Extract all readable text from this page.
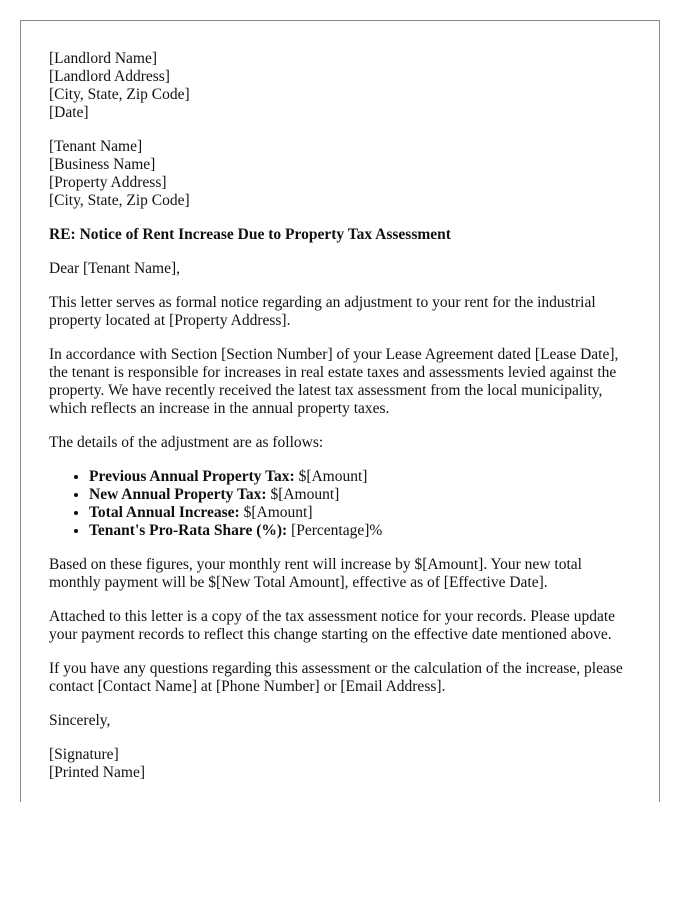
[Landlord Name]
[Landlord Address]
[City, State, Zip Code]
[Date]
[Tenant Name]
[Business Name]
[Property Address]
[City, State, Zip Code]

RE: Notice of Rent Increase Due to Property Tax Assessment

Dear [Tenant Name],

This letter serves as formal notice regarding an adjustment to your rent for the industrial property located at [Property Address].

In accordance with Section [Section Number] of your Lease Agreement dated [Lease Date], the tenant is responsible for increases in real estate taxes and assessments levied against the property. We have recently received the latest tax assessment from the local municipality, which reflects an increase in the annual property taxes.

The details of the adjustment are as follows:

• Previous Annual Property Tax: $[Amount]
• New Annual Property Tax: $[Amount]
• Total Annual Increase: $[Amount]
• Tenant's Pro-Rata Share (%): [Percentage]%

Based on these figures, your monthly rent will increase by $[Amount]. Your new total monthly payment will be $[New Total Amount], effective as of [Effective Date].

Attached to this letter is a copy of the tax assessment notice for your records. Please update your payment records to reflect this change starting on the effective date mentioned above.

If you have any questions regarding this assessment or the calculation of the increase, please contact [Contact Name] at [Phone Number] or [Email Address].

Sincerely,

[Signature]
[Printed Name]
